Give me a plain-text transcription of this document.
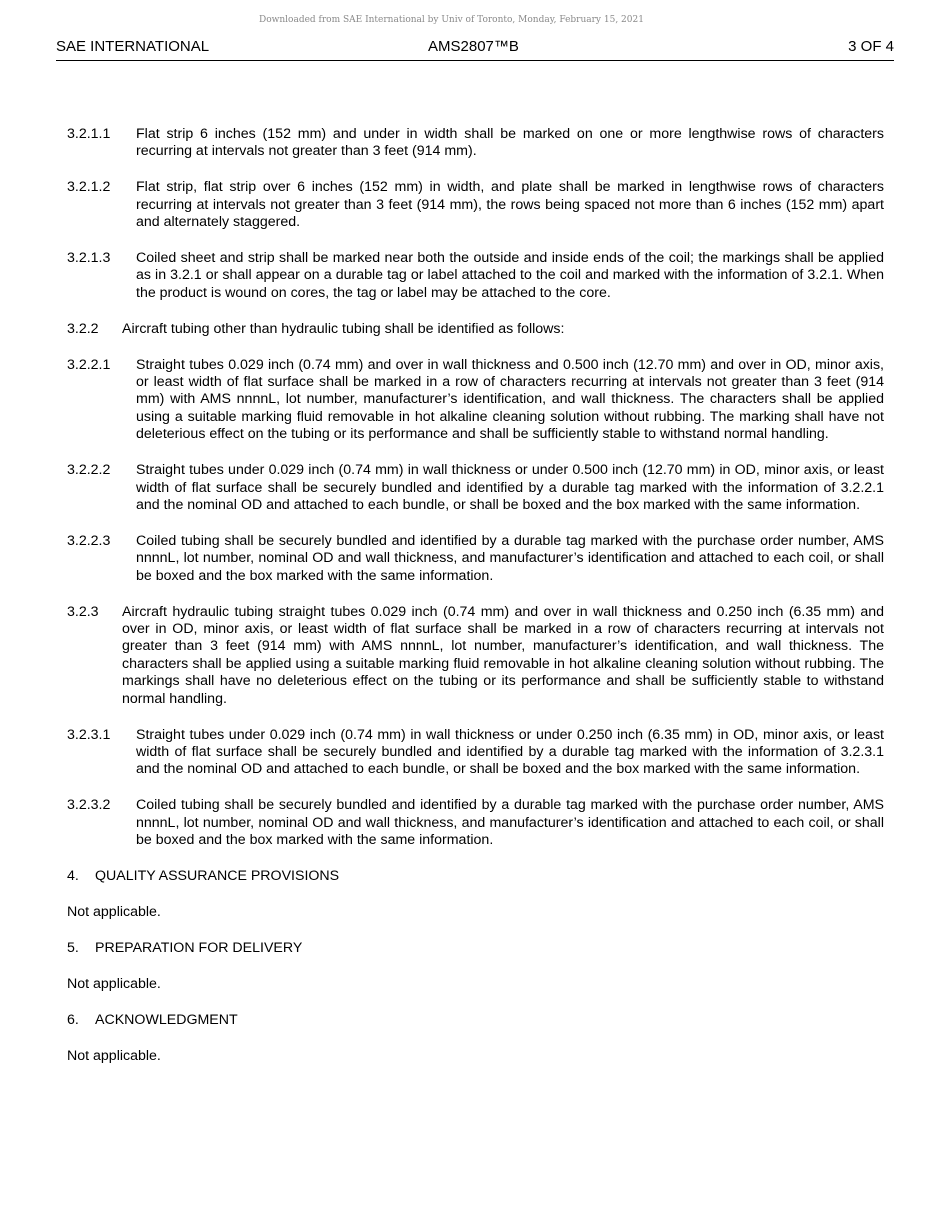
Downloaded from SAE International by Univ of Toronto, Monday, February 15, 2021
SAE INTERNATIONAL	AMS2807™B	3 OF 4
3.2.1.1 Flat strip 6 inches (152 mm) and under in width shall be marked on one or more lengthwise rows of characters recurring at intervals not greater than 3 feet (914 mm).
3.2.1.2 Flat strip, flat strip over 6 inches (152 mm) in width, and plate shall be marked in lengthwise rows of characters recurring at intervals not greater than 3 feet (914 mm), the rows being spaced not more than 6 inches (152 mm) apart and alternately staggered.
3.2.1.3 Coiled sheet and strip shall be marked near both the outside and inside ends of the coil; the markings shall be applied as in 3.2.1 or shall appear on a durable tag or label attached to the coil and marked with the information of 3.2.1. When the product is wound on cores, the tag or label may be attached to the core.
3.2.2 Aircraft tubing other than hydraulic tubing shall be identified as follows:
3.2.2.1 Straight tubes 0.029 inch (0.74 mm) and over in wall thickness and 0.500 inch (12.70 mm) and over in OD, minor axis, or least width of flat surface shall be marked in a row of characters recurring at intervals not greater than 3 feet (914 mm) with AMS nnnnL, lot number, manufacturer’s identification, and wall thickness. The characters shall be applied using a suitable marking fluid removable in hot alkaline cleaning solution without rubbing. The marking shall have not deleterious effect on the tubing or its performance and shall be sufficiently stable to withstand normal handling.
3.2.2.2 Straight tubes under 0.029 inch (0.74 mm) in wall thickness or under 0.500 inch (12.70 mm) in OD, minor axis, or least width of flat surface shall be securely bundled and identified by a durable tag marked with the information of 3.2.2.1 and the nominal OD and attached to each bundle, or shall be boxed and the box marked with the same information.
3.2.2.3 Coiled tubing shall be securely bundled and identified by a durable tag marked with the purchase order number, AMS nnnnL, lot number, nominal OD and wall thickness, and manufacturer’s identification and attached to each coil, or shall be boxed and the box marked with the same information.
3.2.3 Aircraft hydraulic tubing straight tubes 0.029 inch (0.74 mm) and over in wall thickness and 0.250 inch (6.35 mm) and over in OD, minor axis, or least width of flat surface shall be marked in a row of characters recurring at intervals not greater than 3 feet (914 mm) with AMS nnnnL, lot number, manufacturer’s identification, and wall thickness. The characters shall be applied using a suitable marking fluid removable in hot alkaline cleaning solution without rubbing. The markings shall have no deleterious effect on the tubing or its performance and shall be sufficiently stable to withstand normal handling.
3.2.3.1 Straight tubes under 0.029 inch (0.74 mm) in wall thickness or under 0.250 inch (6.35 mm) in OD, minor axis, or least width of flat surface shall be securely bundled and identified by a durable tag marked with the information of 3.2.3.1 and the nominal OD and attached to each bundle, or shall be boxed and the box marked with the same information.
3.2.3.2 Coiled tubing shall be securely bundled and identified by a durable tag marked with the purchase order number, AMS nnnnL, lot number, nominal OD and wall thickness, and manufacturer’s identification and attached to each coil, or shall be boxed and the box marked with the same information.
4. QUALITY ASSURANCE PROVISIONS
Not applicable.
5. PREPARATION FOR DELIVERY
Not applicable.
6. ACKNOWLEDGMENT
Not applicable.
